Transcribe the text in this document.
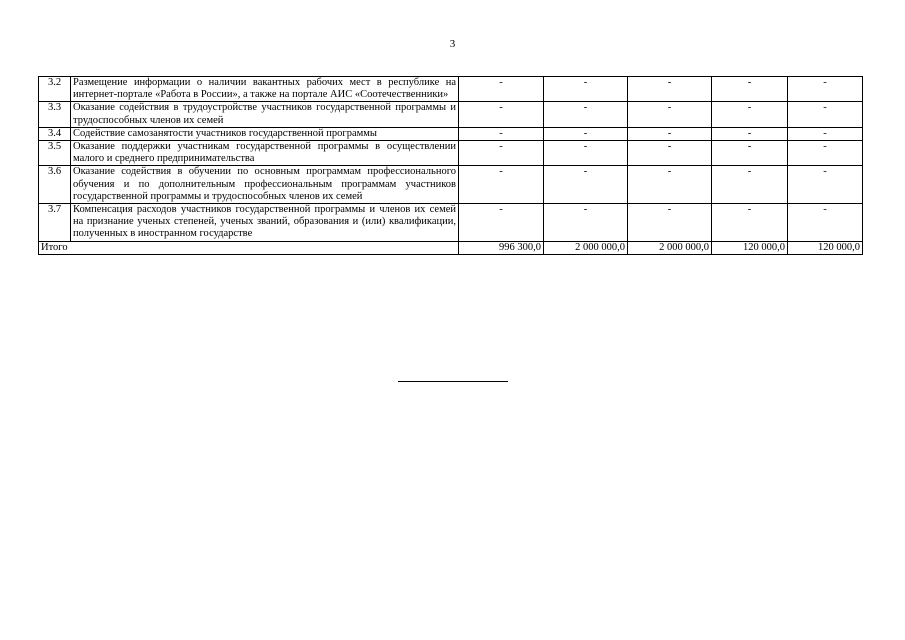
3
3.2	Размещение информации о наличии вакантных рабочих мест в республике на интернет-портале «Работа в России», а также на портале АИС «Соотечественники»	-	-	-	-	-
3.3	Оказание содействия в трудоустройстве участников государственной программы и трудоспособных членов их семей	-	-	-	-	-
3.4	Содействие самозанятости участников государственной программы	-	-	-	-	-
3.5	Оказание поддержки участникам государственной программы в осуществлении малого и среднего предпринимательства	-	-	-	-	-
3.6	Оказание содействия в обучении по основным программам профессионального обучения и по дополнительным профессиональным программам участников государственной программы и трудоспособных членов их семей	-	-	-	-	-
3.7	Компенсация расходов участников государственной программы и членов их семей на признание ученых степеней, ученых званий, образования и (или) квалификации, полученных в иностранном государстве	-	-	-	-	-
Итого		996 300,0	2 000 000,0	2 000 000,0	120 000,0	120 000,0
